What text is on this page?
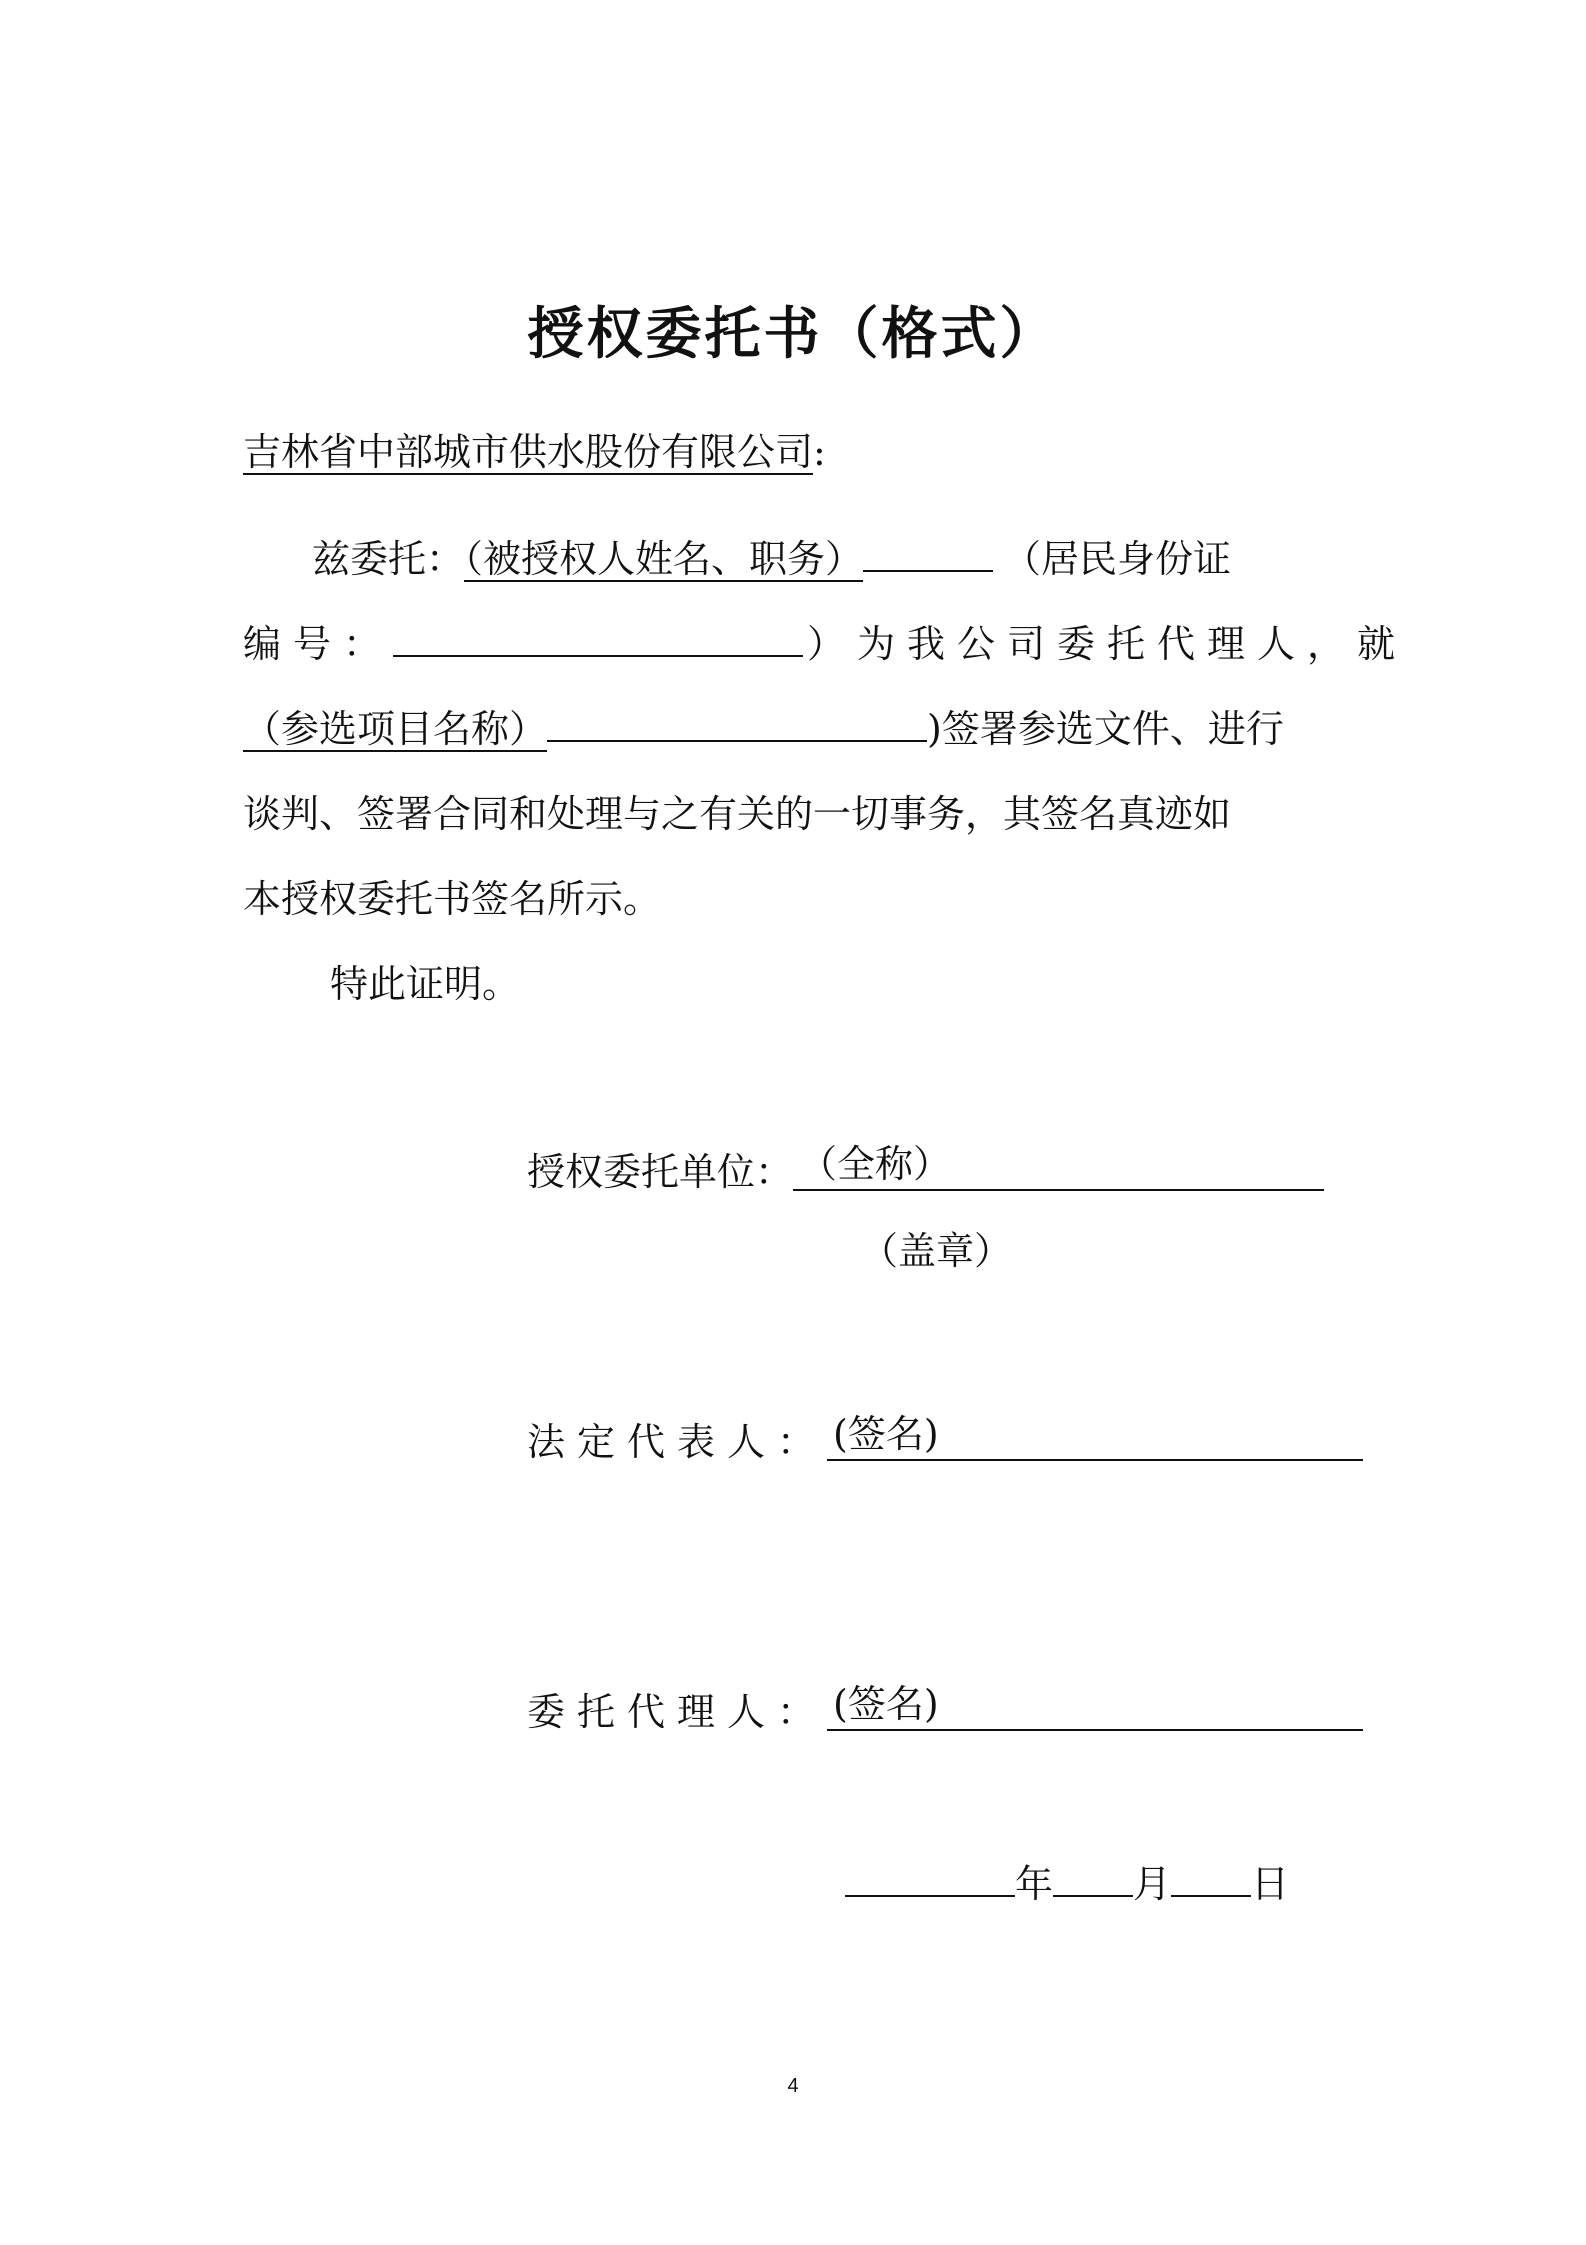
授权委托书（格式）
吉林省中部城市供水股份有限公司:
兹委托：（被授权人姓名、职务）	（居民身份证
编号：	）为我公司委托代理人，就
（参选项目名称）	)签署参选文件、进行
谈判、签署合同和处理与之有关的一切事务，其签名真迹如
本授权委托书签名所示。
特此证明。
授权委托单位： （全称）
（盖章）
法定代表人： (签名)
委托代理人： (签名)
年 月 日
4
